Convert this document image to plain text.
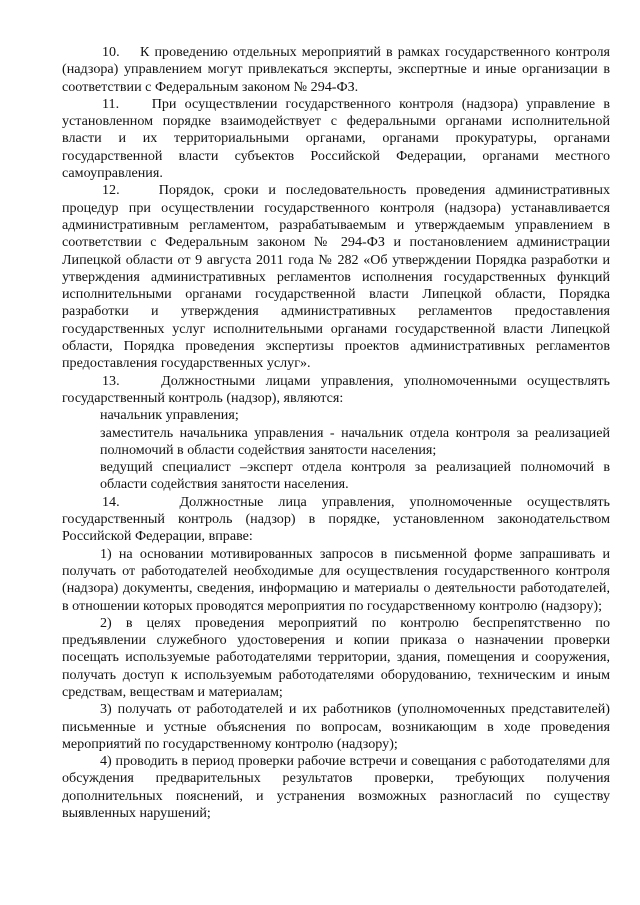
10.    К проведению отдельных мероприятий в рамках государственного контроля (надзора) управлением могут привлекаться эксперты, экспертные и иные организации в соответствии с Федеральным законом № 294-ФЗ.

11.    При осуществлении государственного контроля (надзора) управление в установленном порядке взаимодействует с федеральными органами исполнительной власти и их территориальными органами, органами прокуратуры, органами государственной власти субъектов Российской Федерации, органами местного самоуправления.

12.    Порядок, сроки и последовательность проведения административных процедур при осуществлении государственного контроля (надзора) устанавливается административным регламентом, разрабатываемым и утверждаемым управлением в соответствии с Федеральным законом № 294-ФЗ и постановлением администрации Липецкой области от 9 августа 2011 года № 282 «Об утверждении Порядка разработки и утверждения административных регламентов исполнения государственных функций исполнительными органами государственной власти Липецкой области, Порядка разработки и утверждения административных регламентов предоставления государственных услуг исполнительными органами государственной власти Липецкой области, Порядка проведения экспертизы проектов административных регламентов предоставления государственных услуг».

13.    Должностными лицами управления, уполномоченными осуществлять государственный контроль (надзор), являются:

начальник управления;

заместитель начальника управления - начальник отдела контроля за реализацией полномочий в области содействия занятости населения;

ведущий специалист –эксперт отдела контроля за реализацией полномочий в области содействия занятости населения.

14.    Должностные лица управления, уполномоченные осуществлять государственный контроль (надзор) в порядке, установленном законодательством Российской Федерации, вправе:

1) на основании мотивированных запросов в письменной форме запрашивать и получать от работодателей необходимые для осуществления государственного контроля (надзора) документы, сведения, информацию и материалы о деятельности работодателей, в отношении которых проводятся мероприятия по государственному контролю (надзору);

2) в целях проведения мероприятий по контролю беспрепятственно по предъявлении служебного удостоверения и копии приказа о назначении проверки посещать используемые работодателями территории, здания, помещения и сооружения, получать доступ к используемым работодателями оборудованию, техническим и иным средствам, веществам и материалам;

3) получать от работодателей и их работников (уполномоченных представителей) письменные и устные объяснения по вопросам, возникающим в ходе проведения мероприятий по государственному контролю (надзору);

4) проводить в период проверки рабочие встречи и совещания с работодателями для обсуждения предварительных результатов проверки, требующих получения дополнительных пояснений, и устранения возможных разногласий по существу выявленных нарушений;
